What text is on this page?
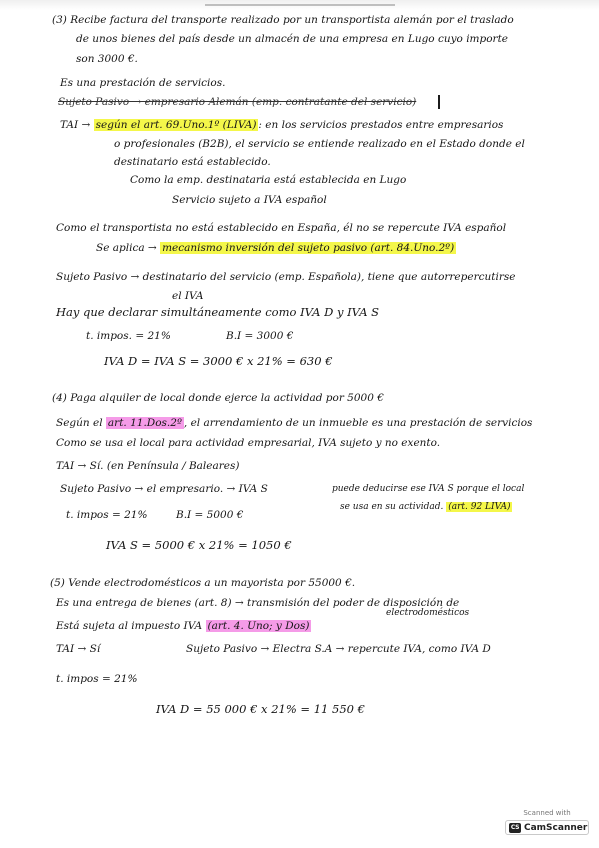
(3) Recibe factura del transporte realizado por un transportista alemán por el traslado
de unos bienes del país desde un almacén de una empresa en Lugo cuyo importe
son 3000 €.
Es una prestación de servicios.
Sujeto Pasivo → empresario Alemán (emp. contratante del servicio)
TAI → según el art. 69.Uno.1º (LIVA) : en los servicios prestados entre empresarios
o profesionales (B2B), el servicio se entiende realizado en el Estado donde el
destinatario está establecido.
Como la emp. destinataria está establecida en Lugo
Servicio sujeto a IVA español
Como el transportista no está establecido en España, él no se repercute IVA español
Se aplica → mecanismo inversión del sujeto pasivo (art. 84.Uno.2º)
Sujeto Pasivo → destinatario del servicio (emp. Española), tiene que autorrepercutirse
el IVA
Hay que declarar simultáneamente como IVA D y IVA S
t. impos. = 21%	B.I = 3000 €
IVA D = IVA S = 3000 € x 21% = 630 €
(4) Paga alquiler de local donde ejerce la actividad por 5000 €
Según el art. 11.Dos.2º , el arrendamiento de un inmueble es una prestación de servicios
Como se usa el local para actividad empresarial, IVA sujeto y no exento.
TAI → Sí. (en Península / Baleares)
Sujeto Pasivo → el empresario. → IVA S	puede deducirse ese IVA S porque el local
se usa en su actividad. (art. 92 LIVA)
t. impos = 21%	B.I = 5000 €
IVA S = 5000 € x 21% = 1050 €
(5) Vende electrodomésticos a un mayorista por 55000 €.
Es una entrega de bienes (art. 8) → transmisión del poder de disposición de
electrodomésticos
Está sujeta al impuesto IVA (art. 4. Uno; y Dos)
TAI → Sí	Sujeto Pasivo → Electra S.A → repercute IVA, como IVA D
t. impos = 21%
IVA D = 55 000 € x 21% = 11 550 €
Scanned with
CS CamScanner
